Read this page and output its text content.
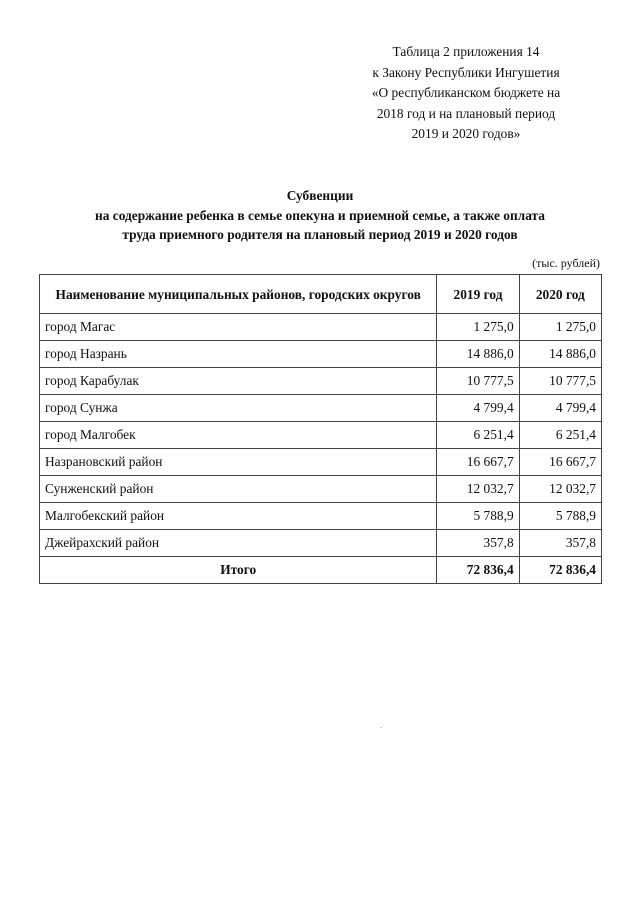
Таблица 2 приложения 14
к Закону Республики Ингушетия
«О республиканском бюджете на
2018 год и на плановый период
2019 и 2020 годов»
Субвенции
на содержание ребенка в семье опекуна и приемной семье, а также оплата
труда приемного родителя на плановый период 2019 и 2020 годов
(тыс. рублей)
Наименование муниципальных районов, городских округов	2019 год	2020 год
город Магас	1 275,0	1 275,0
город Назрань	14 886,0	14 886,0
город Карабулак	10 777,5	10 777,5
город Сунжа	4 799,4	4 799,4
город Малгобек	6 251,4	6 251,4
Назрановский район	16 667,7	16 667,7
Сунженский район	12 032,7	12 032,7
Малгобекский район	5 788,9	5 788,9
Джейрахский район	357,8	357,8
Итого	72 836,4	72 836,4
